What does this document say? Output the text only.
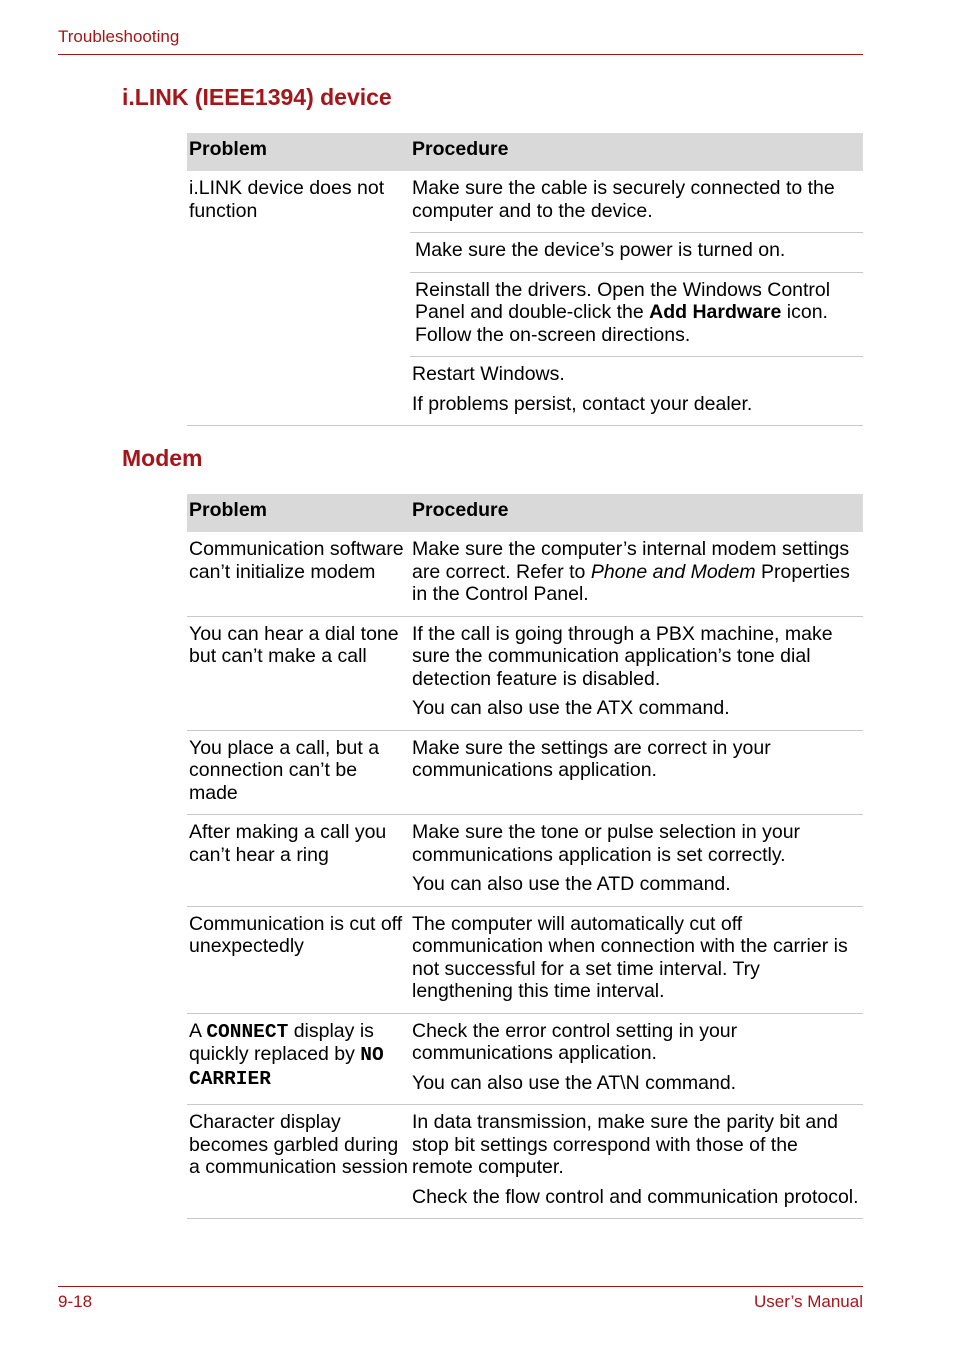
Troubleshooting
i.LINK (IEEE1394) device
Problem	Procedure
i.LINK device does not function	Make sure the cable is securely connected to the computer and to the device.
Make sure the device’s power is turned on.
Reinstall the drivers. Open the Windows Control Panel and double-click the Add Hardware icon. Follow the on-screen directions.

Restart Windows.

If problems persist, contact your dealer.

Modem
Problem	Procedure
Communication software can’t initialize modem	Make sure the computer’s internal modem settings are correct. Refer to Phone and Modem Properties in the Control Panel.
You can hear a dial tone but can’t make a call	If the call is going through a PBX machine, make sure the communication application’s tone dial detection feature is disabled.

You can also use the ATX command.

You place a call, but a connection can’t be made	Make sure the settings are correct in your communications application.
After making a call you can’t hear a ring	Make sure the tone or pulse selection in your communications application is set correctly.

You can also use the ATD command.

Communication is cut off unexpectedly	The computer will automatically cut off communication when connection with the carrier is not successful for a set time interval. Try lengthening this time interval.
A CONNECT display is quickly replaced by NO CARRIER	Check the error control setting in your communications application.

You can also use the AT\N command.

Character display becomes garbled during a communication session	In data transmission, make sure the parity bit and stop bit settings correspond with those of the remote computer.

Check the flow control and communication protocol.

9-18	User’s Manual
